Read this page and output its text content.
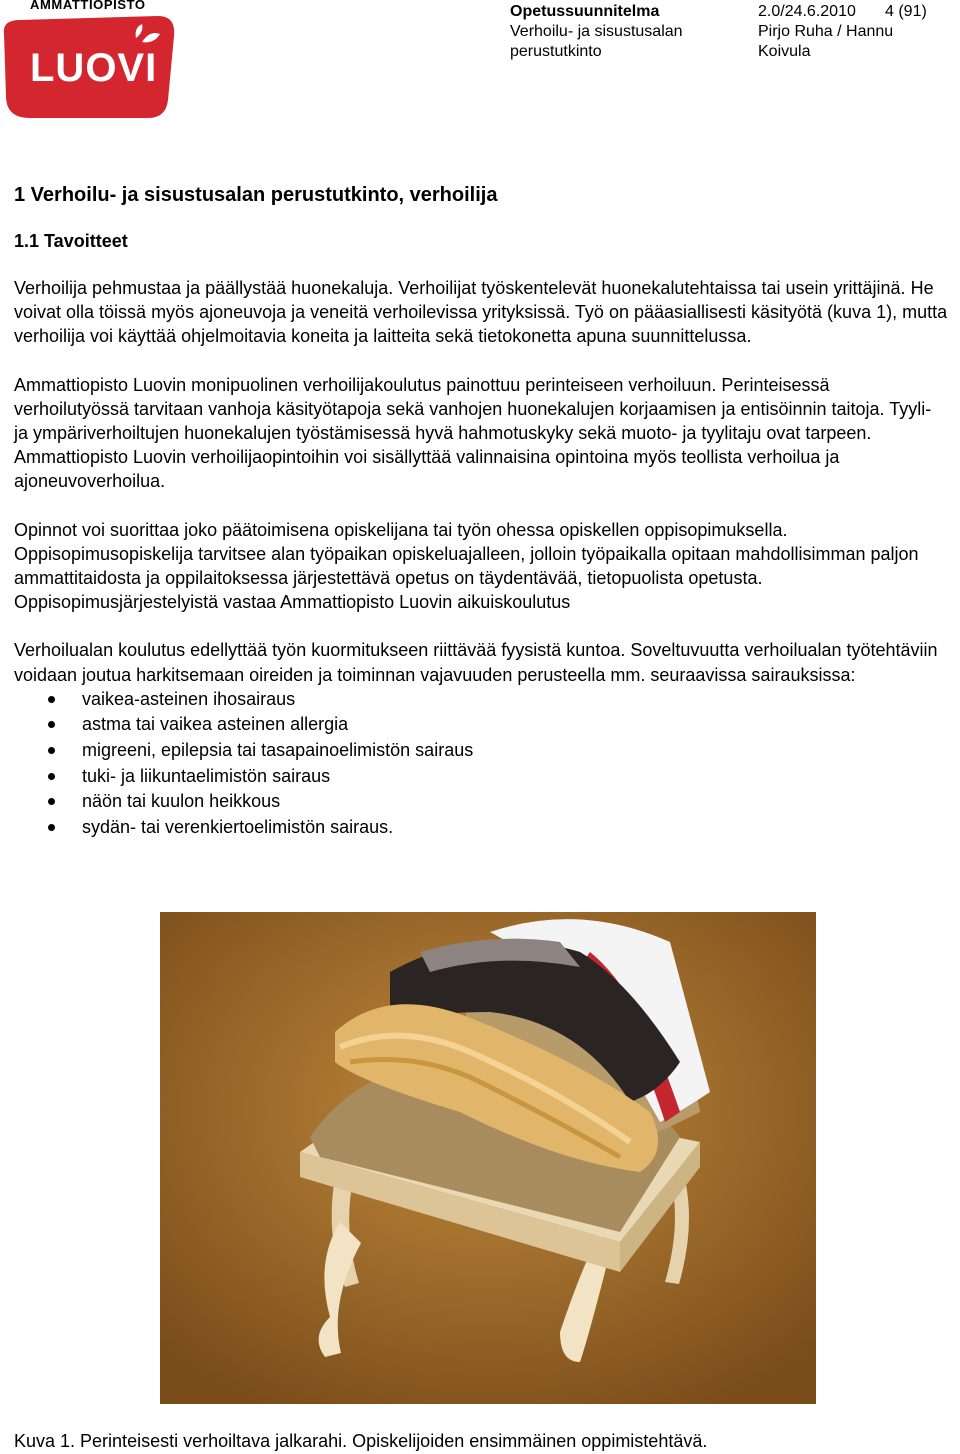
AMMATTIOPISTO
LUOVI
Opetussuunnitelma
Verhoilu- ja sisustusalan
perustutkinto
2.0/24.6.2010
Pirjo Ruha / Hannu
Koivula
4 (91)
1 Verhoilu- ja sisustusalan perustutkinto, verhoilija
1.1 Tavoitteet

Verhoilija pehmustaa ja päällystää huonekaluja. Verhoilijat työskentelevät huonekalutehtaissa tai usein yrittäjinä. He voivat olla töissä myös ajoneuvoja ja veneitä verhoilevissa yrityksissä. Työ on pääasiallisesti käsityötä (kuva 1), mutta verhoilija voi käyttää ohjelmoitavia koneita ja laitteita sekä tietokonetta apuna suunnittelussa.

Ammattiopisto Luovin monipuolinen verhoilijakoulutus painottuu perinteiseen verhoiluun. Perinteisessä verhoilutyössä tarvitaan vanhoja käsityötapoja sekä vanhojen huonekalujen korjaamisen ja entisöinnin taitoja. Tyyli- ja ympäriverhoiltujen huonekalujen työstämisessä hyvä hahmotuskyky sekä muoto- ja tyylitaju ovat tarpeen. Ammattiopisto Luovin verhoilijaopintoihin voi sisällyttää valinnaisina opintoina myös teollista verhoilua ja ajoneuvoverhoilua.

Opinnot voi suorittaa joko päätoimisena opiskelijana tai työn ohessa opiskellen oppisopimuksella. Oppisopimusopiskelija tarvitsee alan työpaikan opiskeluajalleen, jolloin työpaikalla opitaan mahdollisimman paljon ammattitaidosta ja oppilaitoksessa järjestettävä opetus on täydentävää, tietopuolista opetusta. Oppisopimusjärjestelyistä vastaa Ammattiopisto Luovin aikuiskoulutus

Verhoilualan koulutus edellyttää työn kuormitukseen riittävää fyysistä kuntoa. Soveltuvuutta verhoilualan työtehtäviin voidaan joutua harkitsemaan oireiden ja toiminnan vajavuuden perusteella mm. seuraavissa sairauksissa:

vaikea-asteinen ihosairaus
astma tai vaikea asteinen allergia
migreeni, epilepsia tai tasapainoelimistön sairaus
tuki- ja liikuntaelimistön sairaus
näön tai kuulon heikkous
sydän- tai verenkiertoelimistön sairaus.
Kuva 1. Perinteisesti verhoiltava jalkarahi. Opiskelijoiden ensimmäinen oppimistehtävä.
